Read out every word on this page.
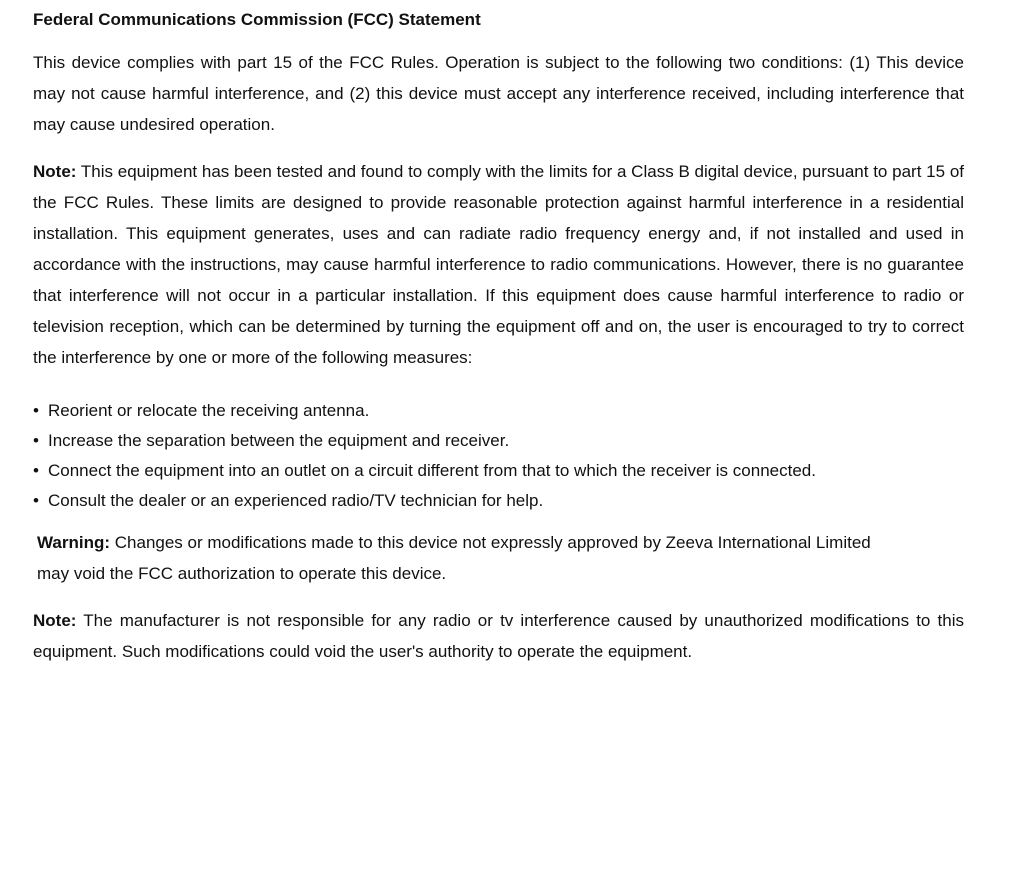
Federal Communications Commission (FCC) Statement

This device complies with part 15 of the FCC Rules. Operation is subject to the following two conditions: (1) This device may not cause harmful interference, and (2) this device must accept any interference received, including interference that may cause undesired operation.

Note: This equipment has been tested and found to comply with the limits for a Class B digital device, pursuant to part 15 of the FCC Rules. These limits are designed to provide reasonable protection against harmful interference in a residential installation. This equipment generates, uses and can radiate radio frequency energy and, if not installed and used in accordance with the instructions, may cause harmful interference to radio communications. However, there is no guarantee that interference will not occur in a particular installation. If this equipment does cause harmful interference to radio or television reception, which can be determined by turning the equipment off and on, the user is encouraged to try to correct the interference by one or more of the following measures:

• Reorient or relocate the receiving antenna.
• Increase the separation between the equipment and receiver.
• Connect the equipment into an outlet on a circuit different from that to which the receiver is connected.
• Consult the dealer or an experienced radio/TV technician for help.

Warning: Changes or modifications made to this device not expressly approved by Zeeva International Limited may void the FCC authorization to operate this device.

Note: The manufacturer is not responsible for any radio or tv interference caused by unauthorized modifications to this equipment. Such modifications could void the user's authority to operate the equipment.
